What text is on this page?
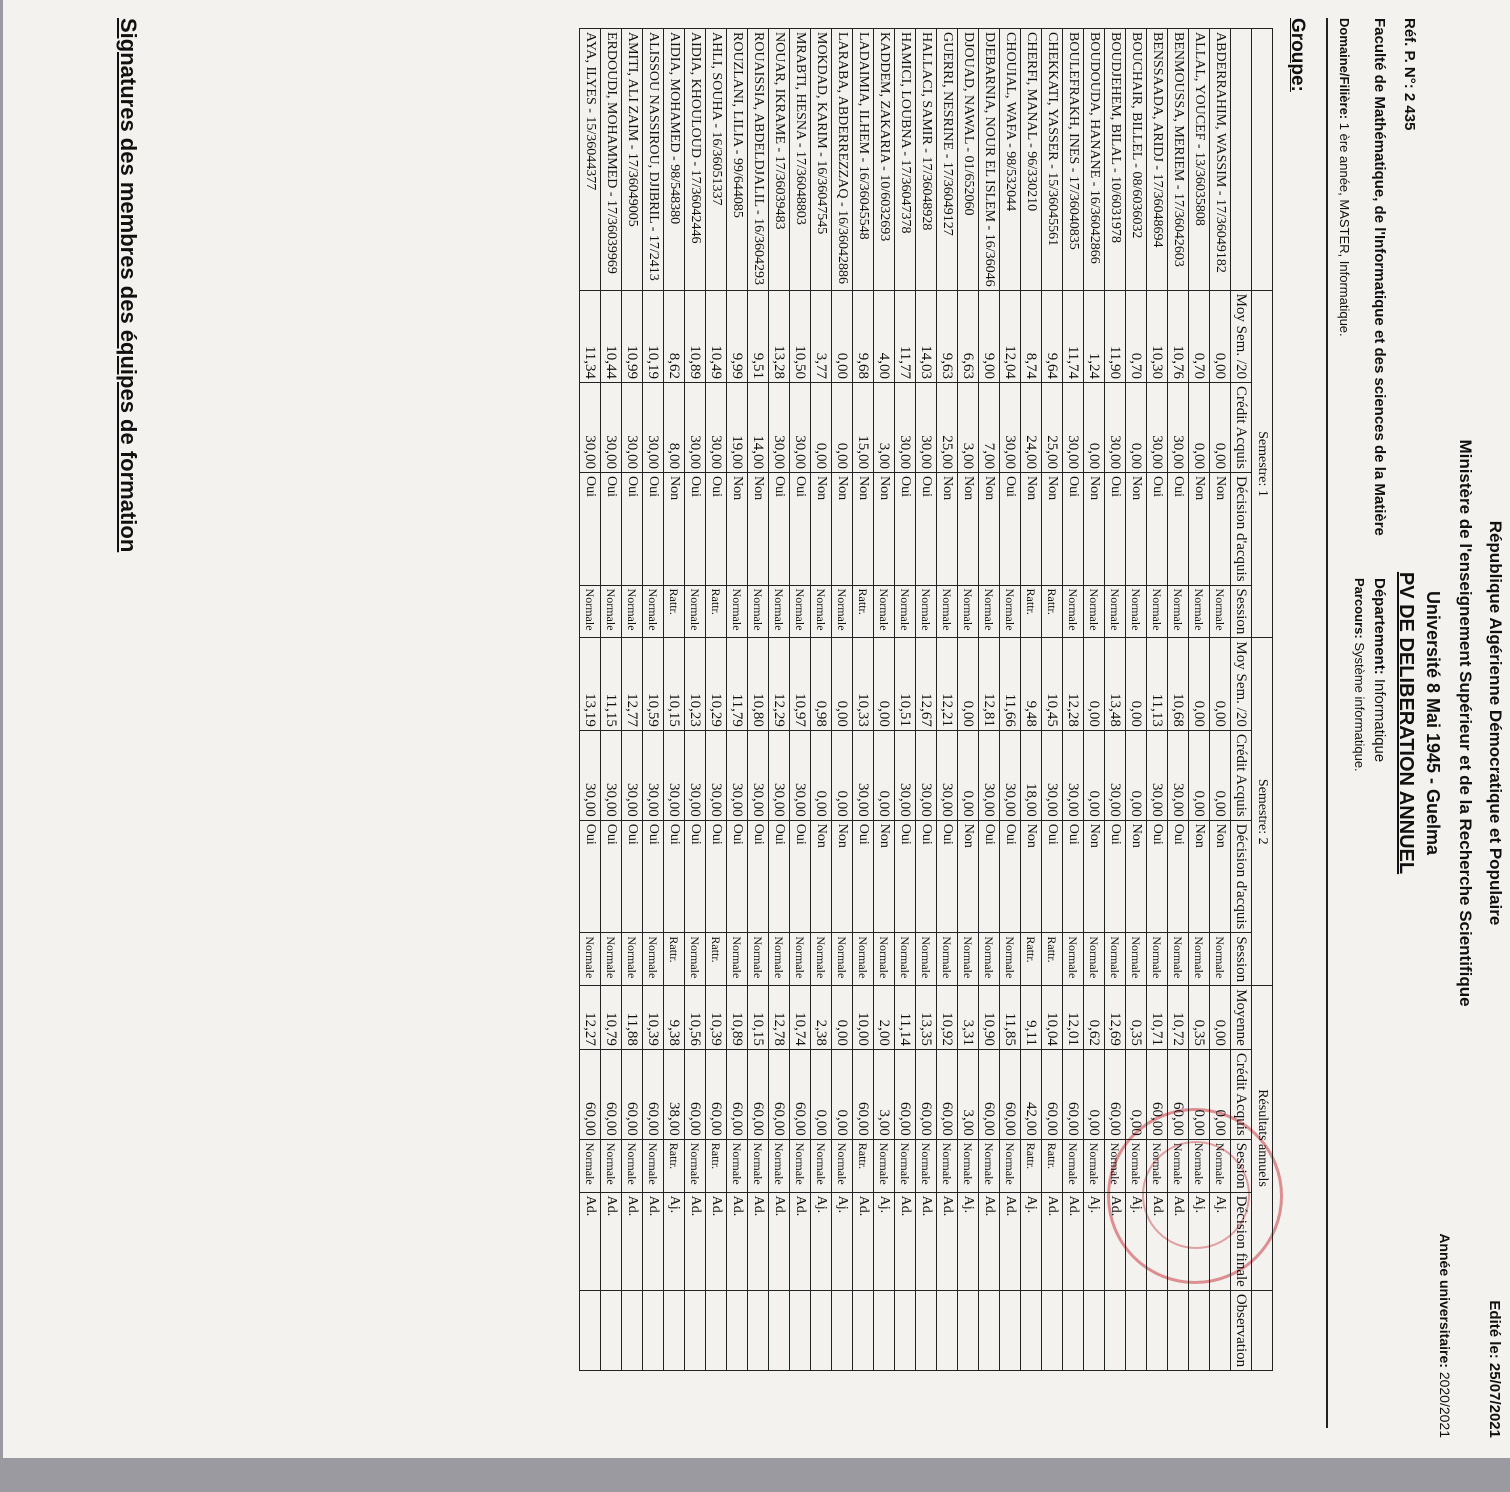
République Algérienne Démocratique et Populaire
Ministère de l'enseignement Supérieur et de la Recherche Scientifique
Université 8 Mai 1945 - Guelma
PV DE DELIBERATION ANNUEL
Edité le: 25/07/2021
Année universitaire: 2020/2021
Réf. P. N°: 2 435
Faculté de Mathématique, de l'Informatique et des sciences de la Matière
Domaine/Filière: 1 ère année, MASTER, Informatique.
Département: Informatique
Parcours: Système informatique.
Groupe:
	Semestre: 1				Semestre: 2				Résultats annuels				
	Moy Sem. /20	Crédit Acquis	Décision d'acquis	Session	Moy Sem. /20	Crédit Acquis	Décision d'acquis	Session	Moyenne	Crédit Acquis	Session	Décision finale	Observation
ABDERRAHIM, WASSIM - 17/36049182	0,00	0,00	Non	Normale	0,00	0,00	Non	Normale	0,00	0,00	Normale	Aj.	
ALLAL, YOUCEF - 13/36035808	0,70	0,00	Non	Normale	0,00	0,00	Non	Normale	0,35	0,00	Normale	Aj.	
BENMOUSSA, MERIEM - 17/36042603	10,76	30,00	Oui	Normale	10,68	30,00	Oui	Normale	10,72	60,00	Normale	Ad.	
BENSSAADA, ARIDJ - 17/36048694	10,30	30,00	Oui	Normale	11,13	30,00	Oui	Normale	10,71	60,00	Normale	Ad.	
BOUCHAIR, BILLEL - 08/6036032	0,70	0,00	Non	Normale	0,00	0,00	Non	Normale	0,35	0,00	Normale	Aj.	
BOUDJEHEM, BILAL - 10/6031978	11,90	30,00	Oui	Normale	13,48	30,00	Oui	Normale	12,69	60,00	Normale	Ad.	
BOUDOUDA, HANANE - 16/36042866	1,24	0,00	Non	Normale	0,00	0,00	Non	Normale	0,62	0,00	Normale	Aj.	
BOULEFRAKH, INES - 17/36040835	11,74	30,00	Oui	Normale	12,28	30,00	Oui	Normale	12,01	60,00	Normale	Ad.	
CHEKKATI, YASSER - 15/36045561	9,64	25,00	Non	Rattr.	10,45	30,00	Oui	Rattr.	10,04	60,00	Rattr.	Ad.	
CHERFI, MANAL - 96/330210	8,74	24,00	Non	Rattr.	9,48	18,00	Non	Rattr.	9,11	42,00	Rattr.	Aj.	
CHOUIAL, WAFA - 98/532044	12,04	30,00	Oui	Normale	11,66	30,00	Oui	Normale	11,85	60,00	Normale	Ad.	
DJEBARNIA, NOUR EL ISLEM - 16/36046	9,00	7,00	Non	Normale	12,81	30,00	Oui	Normale	10,90	60,00	Normale	Ad.	
DJOUAD, NAWAL - 01/652060	6,63	3,00	Non	Normale	0,00	0,00	Non	Normale	3,31	3,00	Normale	Aj.	
GUERRI, NESRINE - 17/36049127	9,63	25,00	Non	Normale	12,21	30,00	Oui	Normale	10,92	60,00	Normale	Ad.	
HALLACI, SAMIR - 17/36048928	14,03	30,00	Oui	Normale	12,67	30,00	Oui	Normale	13,35	60,00	Normale	Ad.	
HAMICI, LOUBNA - 17/36047378	11,77	30,00	Oui	Normale	10,51	30,00	Oui	Normale	11,14	60,00	Normale	Ad.	
KADDEM, ZAKARIA - 10/6032693	4,00	3,00	Non	Normale	0,00	0,00	Non	Normale	2,00	3,00	Normale	Aj.	
LADAIMIA, ILHEM - 16/36045548	9,68	15,00	Non	Rattr.	10,33	30,00	Oui	Normale	10,00	60,00	Rattr.	Ad.	
LARABA, ABDERREZZAQ - 16/36042886	0,00	0,00	Non	Normale	0,00	0,00	Non	Normale	0,00	0,00	Normale	Aj.	
MOKDAD, KARIM - 16/36047545	3,77	0,00	Non	Normale	0,98	0,00	Non	Normale	2,38	0,00	Normale	Aj.	
MRABTI, HESNA - 17/36048803	10,50	30,00	Oui	Normale	10,97	30,00	Oui	Normale	10,74	60,00	Normale	Ad.	
NOUAR, IKRAME - 17/36039483	13,28	30,00	Oui	Normale	12,29	30,00	Oui	Normale	12,78	60,00	Normale	Ad.	
ROUAISSIA, ABDELDJALIL - 16/3604293	9,51	14,00	Non	Normale	10,80	30,00	Oui	Normale	10,15	60,00	Normale	Ad.	
ROUZLANI, LILIA - 99/644085	9,99	19,00	Non	Normale	11,79	30,00	Oui	Normale	10,89	60,00	Normale	Ad.	
AHLI, SOUHA - 16/36051337	10,49	30,00	Oui	Rattr.	10,29	30,00	Oui	Rattr.	10,39	60,00	Rattr.	Ad.	
AIDIA, KHOULOUD - 17/36042446	10,89	30,00	Oui	Normale	10,23	30,00	Oui	Normale	10,56	60,00	Normale	Ad.	
AIDIA, MOHAMED - 98/548380	8,62	8,00	Non	Rattr.	10,15	30,00	Oui	Rattr.	9,38	38,00	Rattr.	Aj.	
ALISSOU NASSIROU, DJIBRIL - 17/2413	10,19	30,00	Oui	Normale	10,59	30,00	Oui	Normale	10,39	60,00	Normale	Ad.	
AMITI, ALI ZAIM - 17/36049005	10,99	30,00	Oui	Normale	12,77	30,00	Oui	Normale	11,88	60,00	Normale	Ad.	
ERDOUDI, MOHAMMED - 17/36039969	10,44	30,00	Oui	Normale	11,15	30,00	Oui	Normale	10,79	60,00	Normale	Ad.	
AYA, ILYES - 15/36044377	11,34	30,00	Oui	Normale	13,19	30,00	Oui	Normale	12,27	60,00	Normale	Ad.	
Signatures des membres des équipes de formation
